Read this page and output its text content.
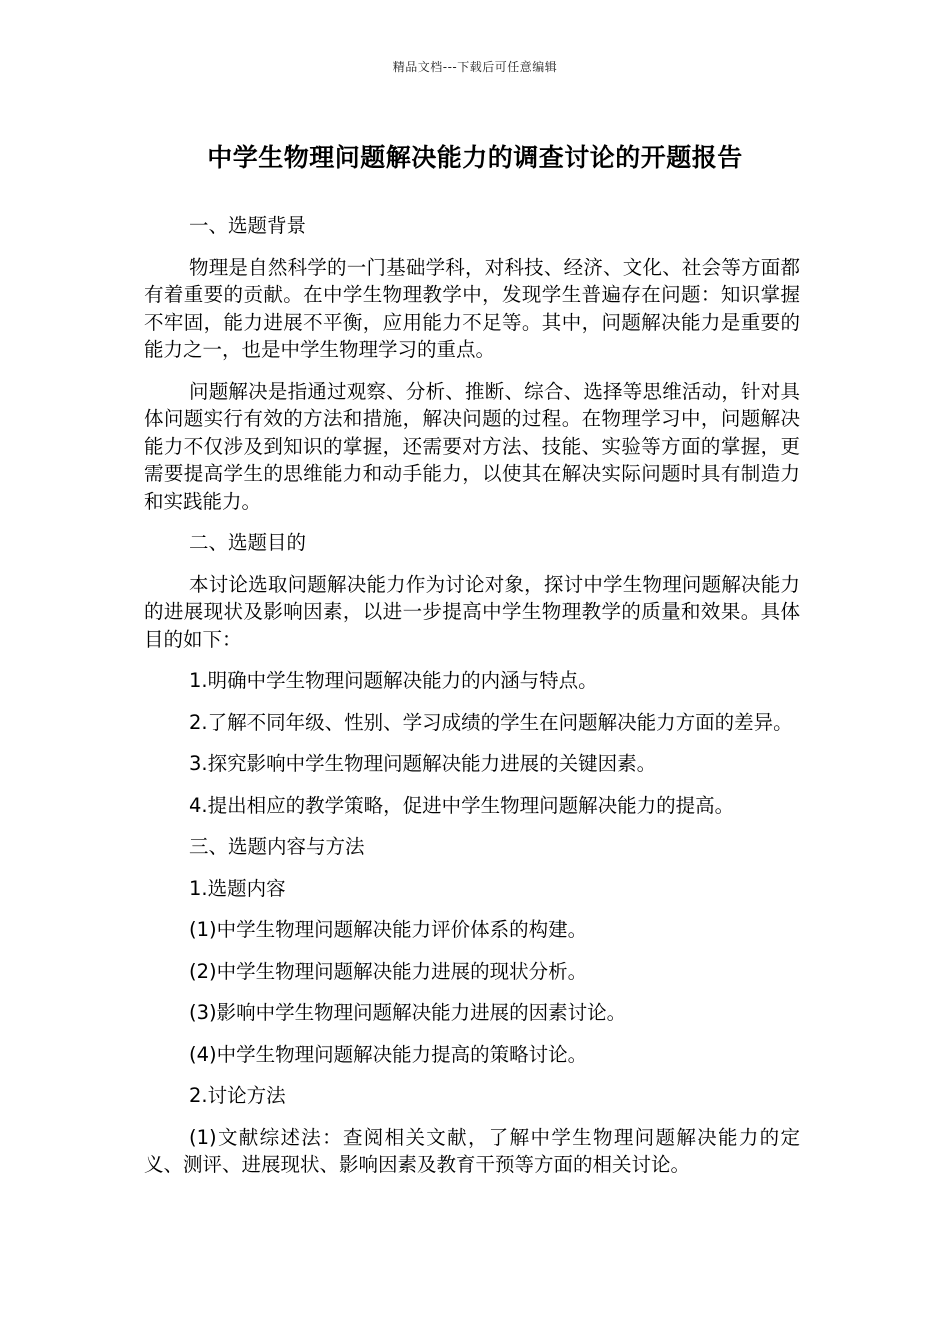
精品文档---下载后可任意编辑
中学生物理问题解决能力的调查讨论的开题报告

一、选题背景

物理是自然科学的一门基础学科，对科技、经济、文化、社会等方面都有着重要的贡献。在中学生物理教学中，发现学生普遍存在问题：知识掌握不牢固，能力进展不平衡，应用能力不足等。其中，问题解决能力是重要的能力之一，也是中学生物理学习的重点。

问题解决是指通过观察、分析、推断、综合、选择等思维活动，针对具体问题实行有效的方法和措施，解决问题的过程。在物理学习中，问题解决能力不仅涉及到知识的掌握，还需要对方法、技能、实验等方面的掌握，更需要提高学生的思维能力和动手能力，以使其在解决实际问题时具有制造力和实践能力。

二、选题目的

本讨论选取问题解决能力作为讨论对象，探讨中学生物理问题解决能力的进展现状及影响因素，以进一步提高中学生物理教学的质量和效果。具体目的如下：

1.明确中学生物理问题解决能力的内涵与特点。

2.了解不同年级、性别、学习成绩的学生在问题解决能力方面的差异。

3.探究影响中学生物理问题解决能力进展的关键因素。

4.提出相应的教学策略，促进中学生物理问题解决能力的提高。

三、选题内容与方法

1.选题内容

(1)中学生物理问题解决能力评价体系的构建。

(2)中学生物理问题解决能力进展的现状分析。

(3)影响中学生物理问题解决能力进展的因素讨论。

(4)中学生物理问题解决能力提高的策略讨论。

2.讨论方法

(1)文献综述法：查阅相关文献，了解中学生物理问题解决能力的定义、测评、进展现状、影响因素及教育干预等方面的相关讨论。
